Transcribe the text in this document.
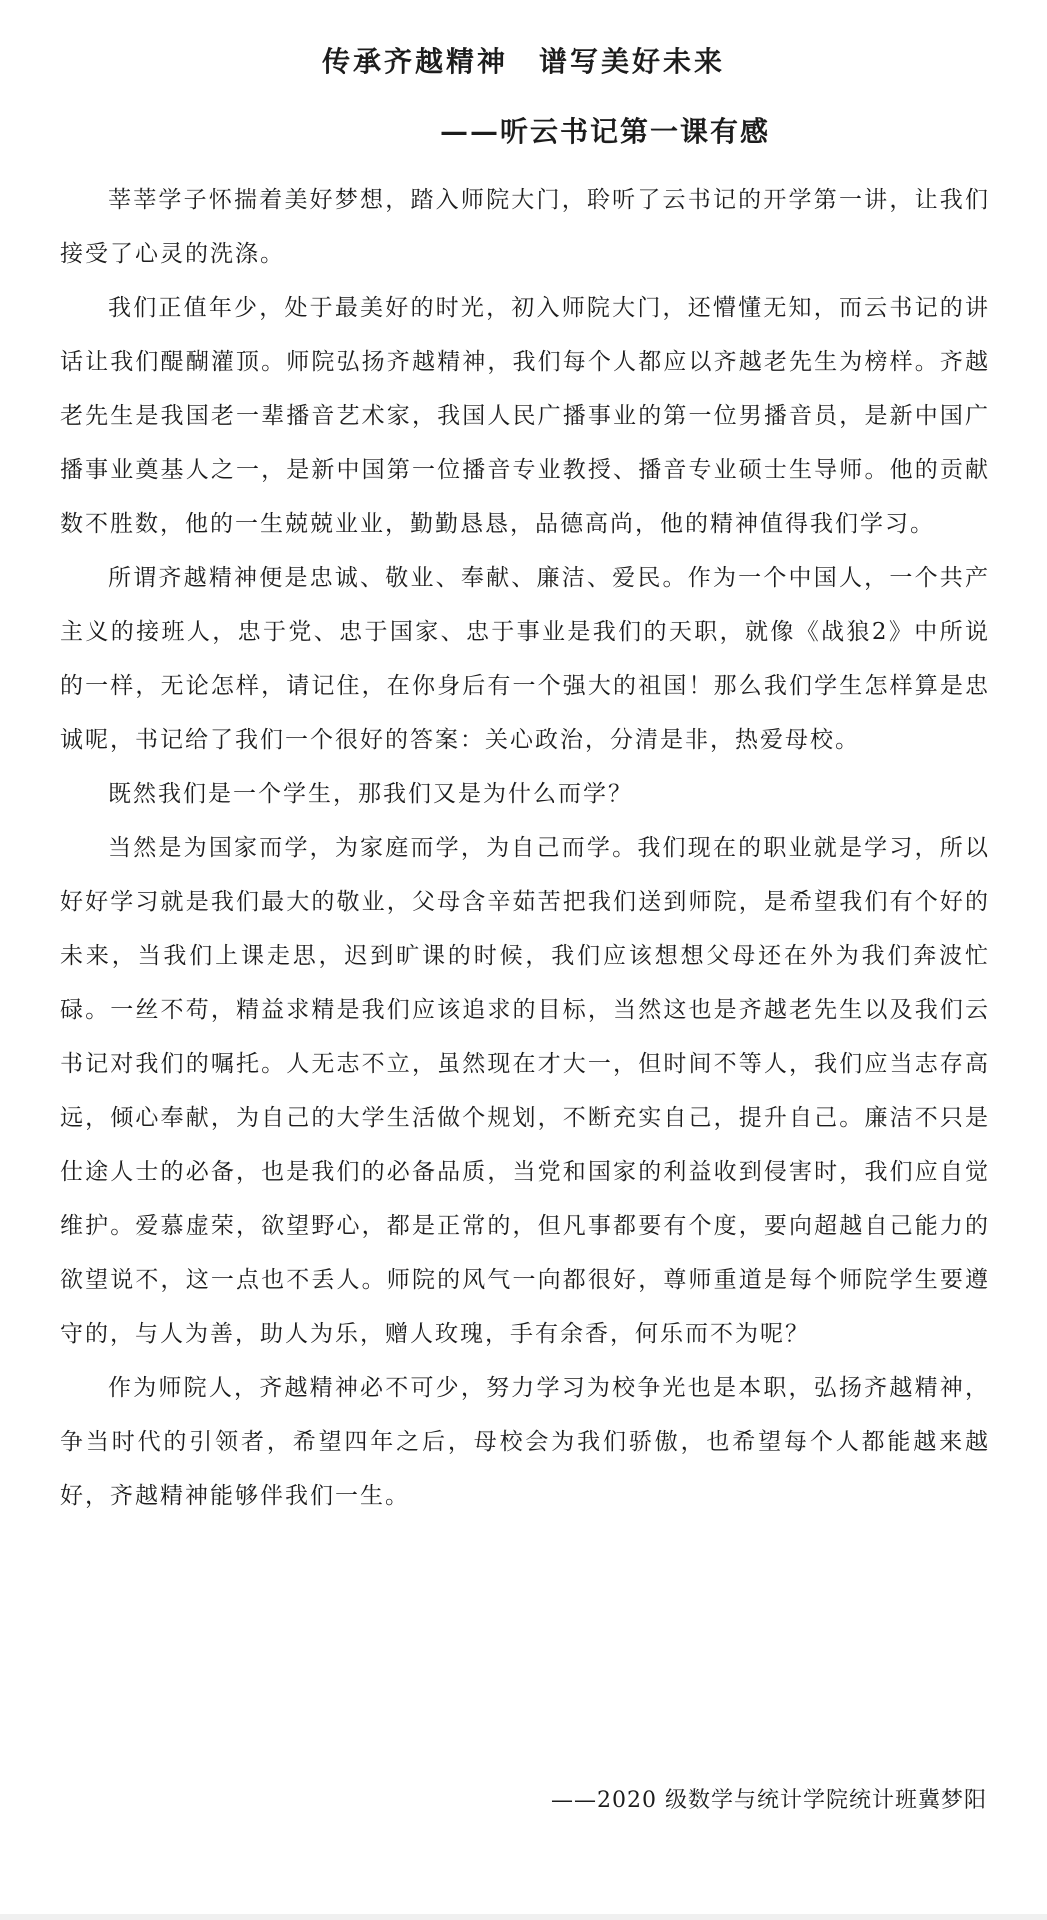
传承齐越精神　谱写美好未来
——听云书记第一课有感

莘莘学子怀揣着美好梦想，踏入师院大门，聆听了云书记的开学第一讲，让我们接受了心灵的洗涤。

我们正值年少，处于最美好的时光，初入师院大门，还懵懂无知，而云书记的讲话让我们醍醐灌顶。师院弘扬齐越精神，我们每个人都应以齐越老先生为榜样。齐越老先生是我国老一辈播音艺术家，我国人民广播事业的第一位男播音员，是新中国广播事业奠基人之一，是新中国第一位播音专业教授、播音专业硕士生导师。他的贡献数不胜数，他的一生兢兢业业，勤勤恳恳，品德高尚，他的精神值得我们学习。

所谓齐越精神便是忠诚、敬业、奉献、廉洁、爱民。作为一个中国人，一个共产主义的接班人，忠于党、忠于国家、忠于事业是我们的天职，就像《战狼2》中所说的一样，无论怎样，请记住，在你身后有一个强大的祖国！那么我们学生怎样算是忠诚呢，书记给了我们一个很好的答案：关心政治，分清是非，热爱母校。

既然我们是一个学生，那我们又是为什么而学？

当然是为国家而学，为家庭而学，为自己而学。我们现在的职业就是学习，所以好好学习就是我们最大的敬业，父母含辛茹苦把我们送到师院，是希望我们有个好的未来，当我们上课走思，迟到旷课的时候，我们应该想想父母还在外为我们奔波忙碌。一丝不苟，精益求精是我们应该追求的目标，当然这也是齐越老先生以及我们云书记对我们的嘱托。人无志不立，虽然现在才大一，但时间不等人，我们应当志存高远，倾心奉献，为自己的大学生活做个规划，不断充实自己，提升自己。廉洁不只是仕途人士的必备，也是我们的必备品质，当党和国家的利益收到侵害时，我们应自觉维护。爱慕虚荣，欲望野心，都是正常的，但凡事都要有个度，要向超越自己能力的欲望说不，这一点也不丢人。师院的风气一向都很好，尊师重道是每个师院学生要遵守的，与人为善，助人为乐，赠人玫瑰，手有余香，何乐而不为呢？

作为师院人，齐越精神必不可少，努力学习为校争光也是本职，弘扬齐越精神，争当时代的引领者，希望四年之后，母校会为我们骄傲，也希望每个人都能越来越好，齐越精神能够伴我们一生。

——2020 级数学与统计学院统计班冀梦阳
